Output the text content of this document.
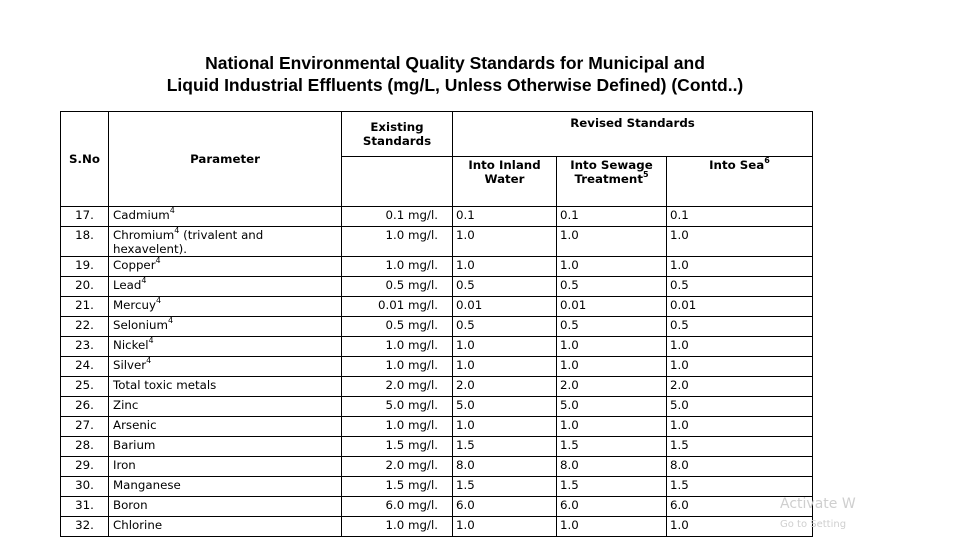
National Environmental Quality Standards for Municipal and
Liquid Industrial Effluents (mg/L, Unless Otherwise Defined) (Contd..)
S.No	Parameter	Existing Standards	Revised Standards		
			Into Inland Water	Into Sewage Treatment$^5$	Into Sea$^6$
17.	Cadmium$^4$	0.1 mg/l.	0.1	0.1	0.1
18.	Chromium$^4$ (trivalent and hexavelent).	1.0 mg/l.	1.0	1.0	1.0
19.	Copper$^4$	1.0 mg/l.	1.0	1.0	1.0
20.	Lead$^4$	0.5 mg/l.	0.5	0.5	0.5
21.	Mercuy$^4$	0.01 mg/l.	0.01	0.01	0.01
22.	Selonium$^4$	0.5 mg/l.	0.5	0.5	0.5
23.	Nickel$^4$	1.0 mg/l.	1.0	1.0	1.0
24.	Silver$^4$	1.0 mg/l.	1.0	1.0	1.0
25.	Total toxic metals	2.0 mg/l.	2.0	2.0	2.0
26.	Zinc	5.0 mg/l.	5.0	5.0	5.0
27.	Arsenic	1.0 mg/l.	1.0	1.0	1.0
28.	Barium	1.5 mg/l.	1.5	1.5	1.5
29.	Iron	2.0 mg/l.	8.0	8.0	8.0
30.	Manganese	1.5 mg/l.	1.5	1.5	1.5
31.	Boron	6.0 mg/l.	6.0	6.0	6.0
32.	Chlorine	1.0 mg/l.	1.0	1.0	1.0
Activate W
Go to Setting
